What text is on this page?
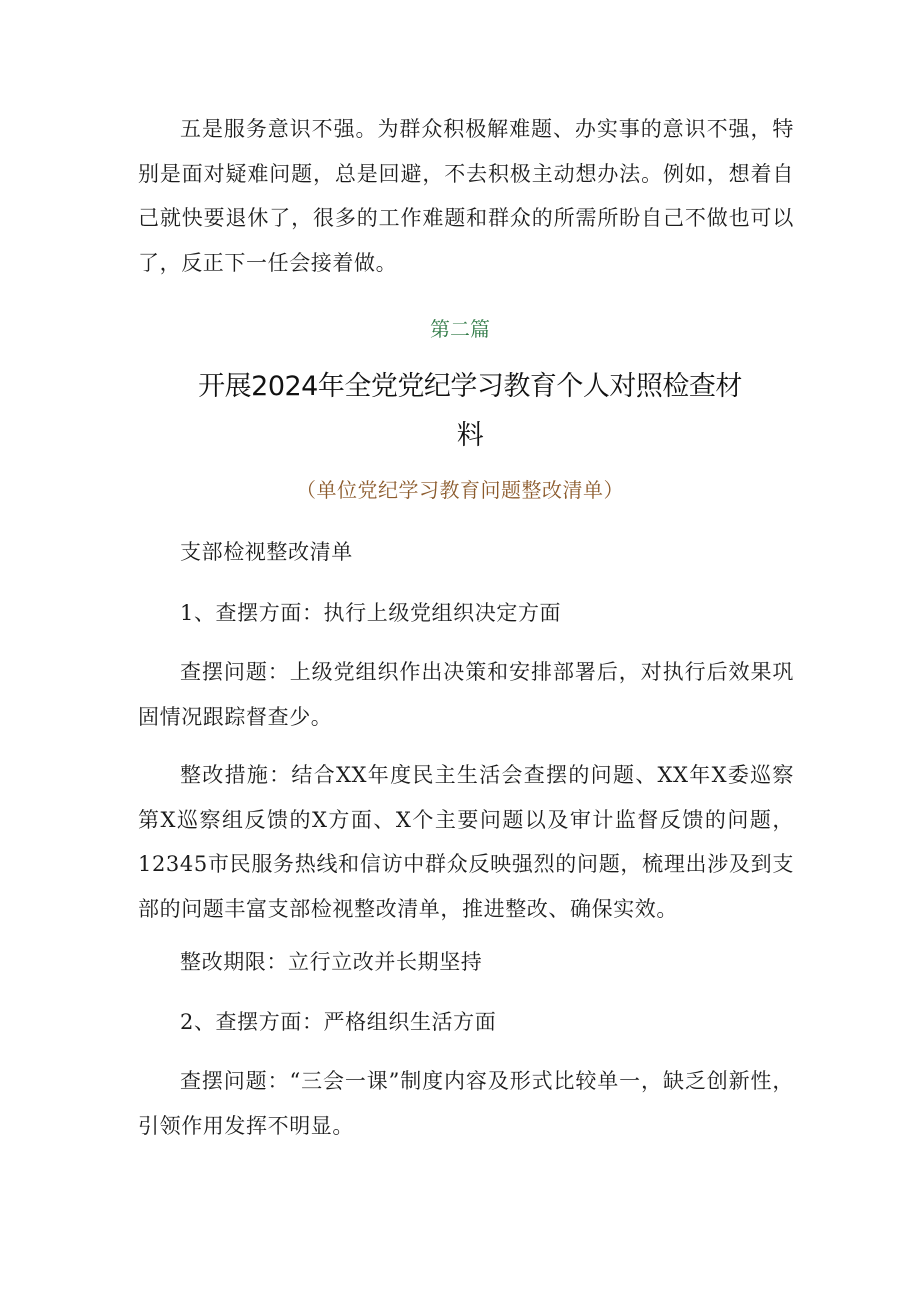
五是服务意识不强。为群众积极解难题、办实事的意识不强，特别是面对疑难问题，总是回避，不去积极主动想办法。例如，想着自己就快要退休了，很多的工作难题和群众的所需所盼自己不做也可以了，反正下一任会接着做。

第二篇
开展2024年全党党纪学习教育个人对照检查材料
（单位党纪学习教育问题整改清单）

支部检视整改清单

1、查摆方面：执行上级党组织决定方面

查摆问题：上级党组织作出决策和安排部署后，对执行后效果巩固情况跟踪督查少。

整改措施：结合XX年度民主生活会查摆的问题、XX年X委巡察第X巡察组反馈的X方面、X个主要问题以及审计监督反馈的问题，12345市民服务热线和信访中群众反映强烈的问题，梳理出涉及到支部的问题丰富支部检视整改清单，推进整改、确保实效。

整改期限：立行立改并长期坚持

2、查摆方面：严格组织生活方面

查摆问题：“三会一课”制度内容及形式比较单一，缺乏创新性，引领作用发挥不明显。
